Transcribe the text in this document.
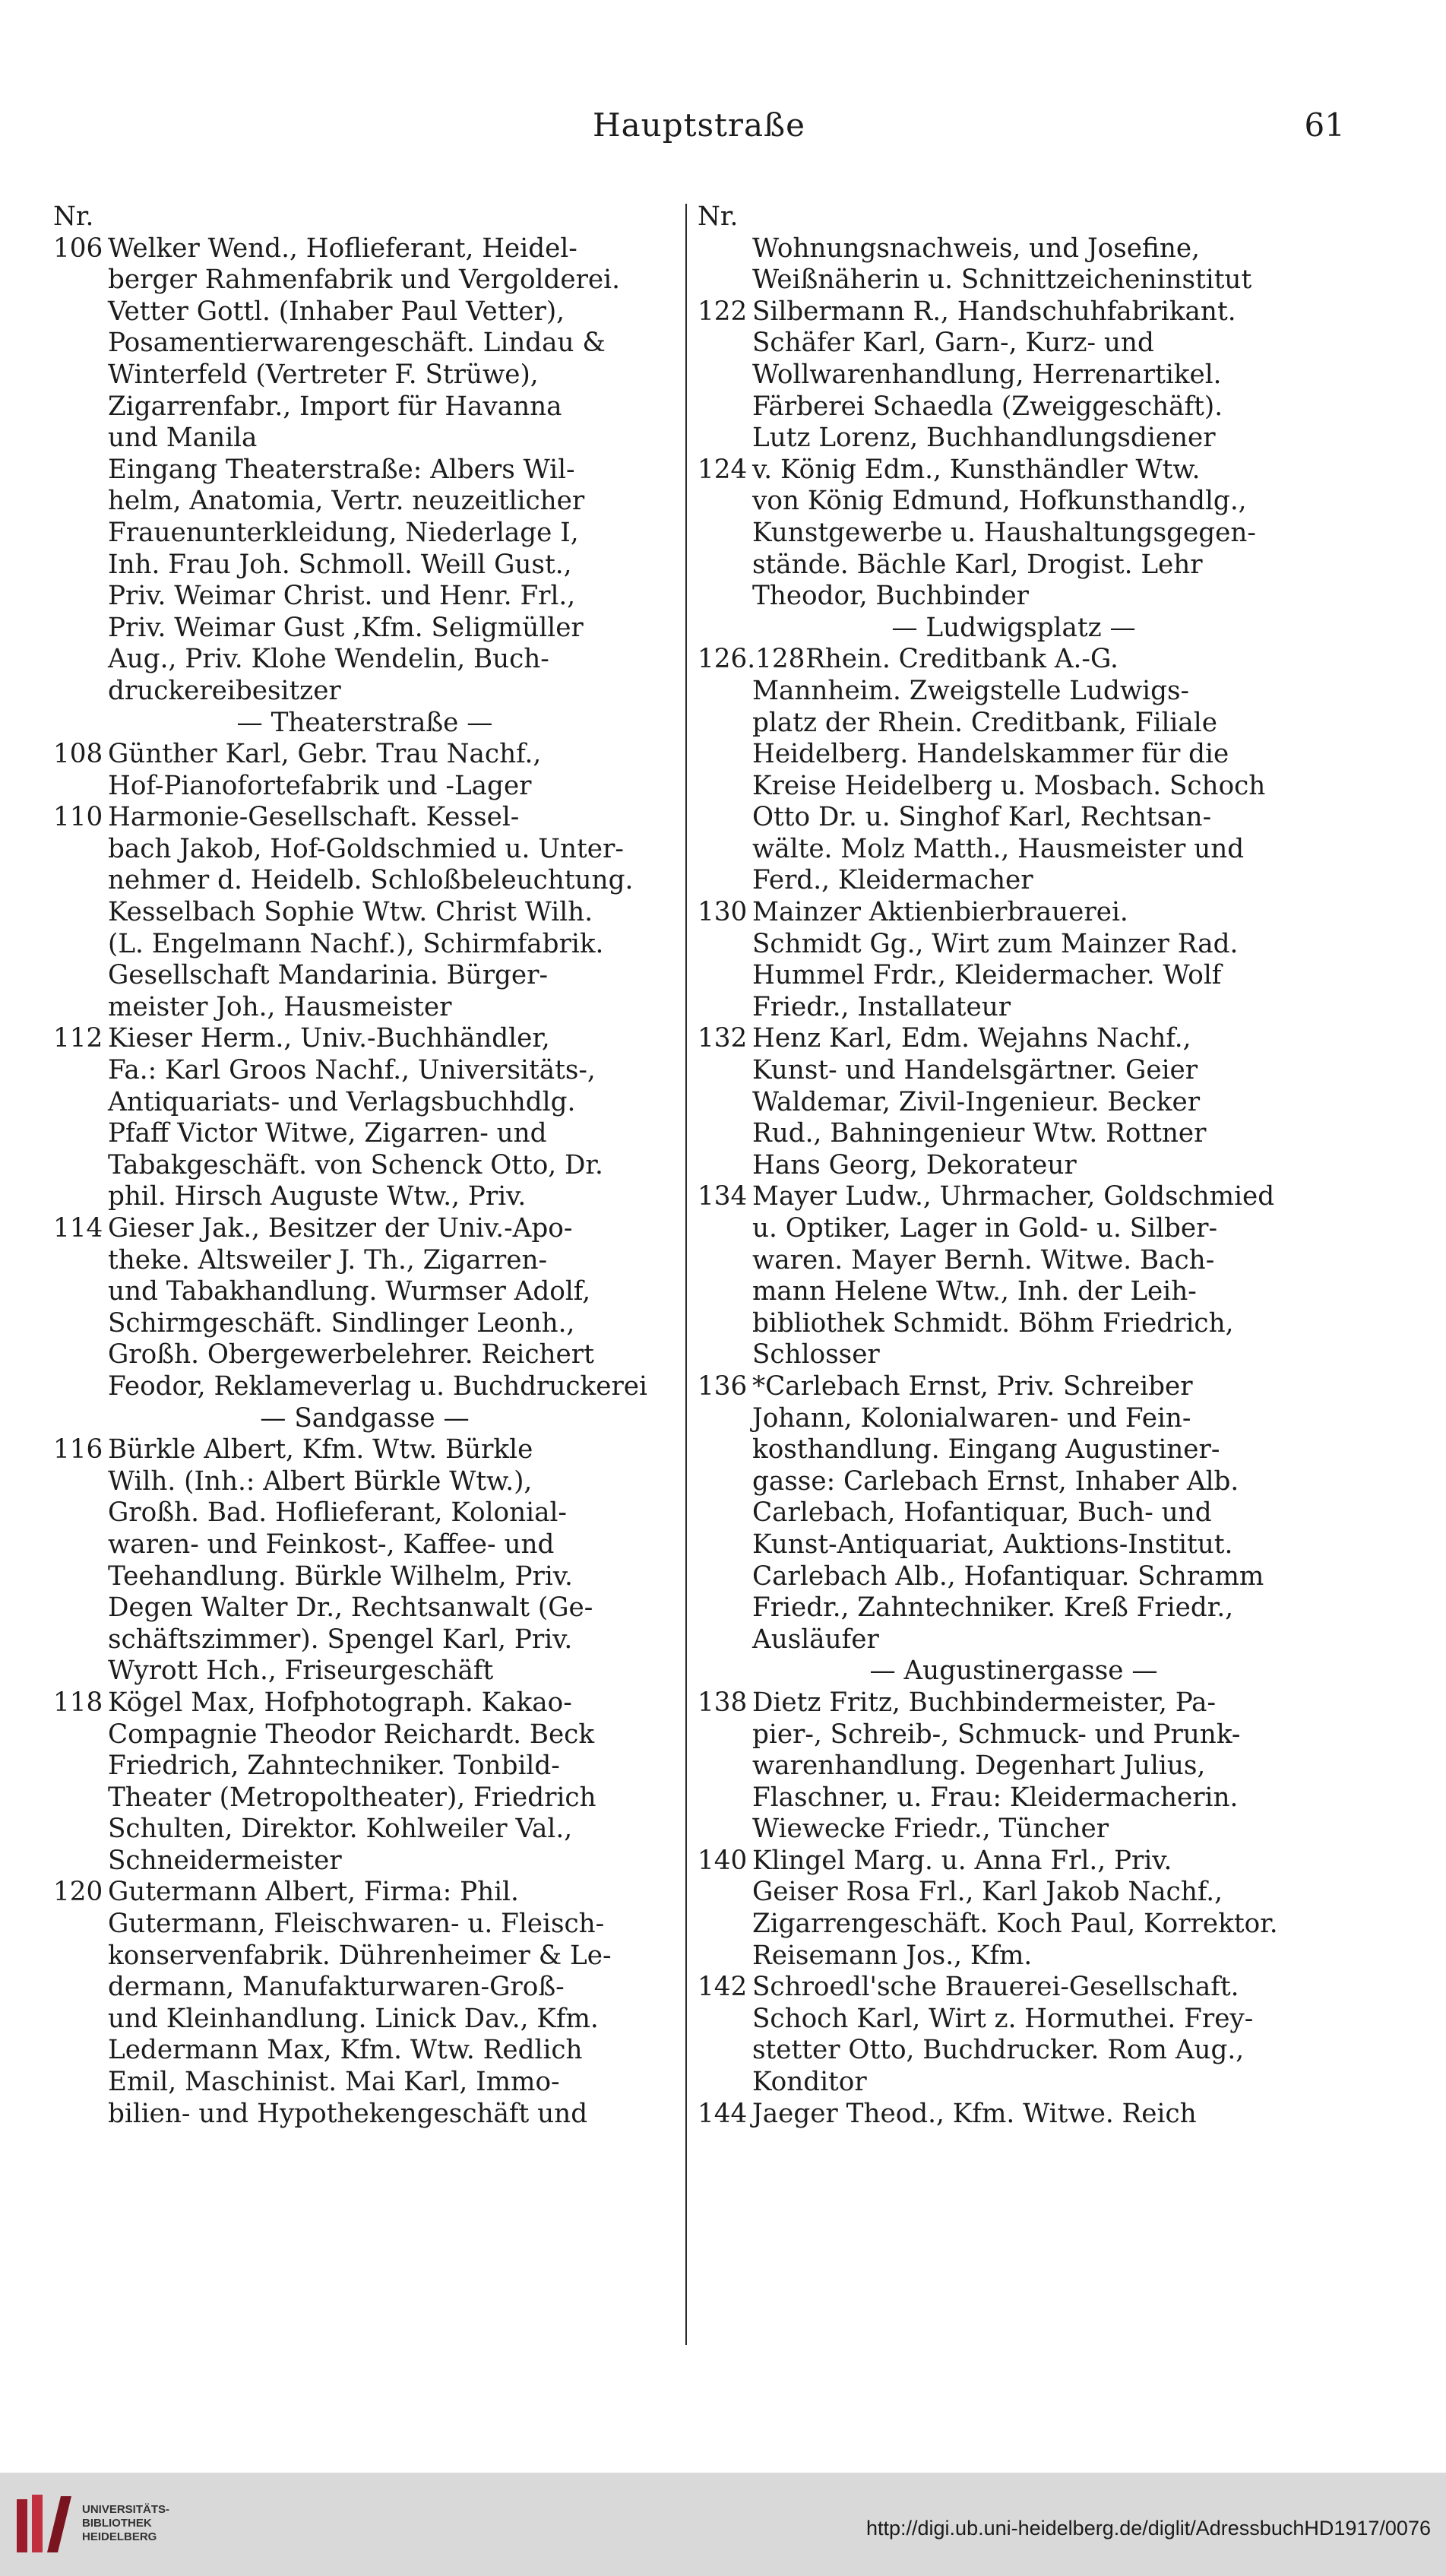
Hauptstraße	61
Nr.
106 Welker Wend., Hoflieferant, Heidel-
berger Rahmenfabrik und Vergolderei.
Vetter Gottl. (Inhaber Paul Vetter),
Posamentierwarengeschäft. Lindau &
Winterfeld (Vertreter F. Strüwe),
Zigarrenfabr., Import für Havanna
und Manila
Eingang Theaterstraße: Albers Wil-
helm, Anatomia, Vertr. neuzeitlicher
Frauenunterkleidung, Niederlage I,
Inh. Frau Joh. Schmoll. Weill Gust.,
Priv. Weimar Christ. und Henr. Frl.,
Priv. Weimar Gust ,Kfm. Seligmüller
Aug., Priv. Klohe Wendelin, Buch-
druckereibesitzer
— Theaterstraße —
108 Günther Karl, Gebr. Trau Nachf.,
Hof-Pianofortefabrik und -Lager
110 Harmonie-Gesellschaft. Kessel-
bach Jakob, Hof-Goldschmied u. Unter-
nehmer d. Heidelb. Schloßbeleuchtung.
Kesselbach Sophie Wtw. Christ Wilh.
(L. Engelmann Nachf.), Schirmfabrik.
Gesellschaft Mandarinia. Bürger-
meister Joh., Hausmeister
112 Kieser Herm., Univ.-Buchhändler,
Fa.: Karl Groos Nachf., Universitäts-,
Antiquariats- und Verlagsbuchhdlg.
Pfaff Victor Witwe, Zigarren- und
Tabakgeschäft. von Schenck Otto, Dr.
phil. Hirsch Auguste Wtw., Priv.
114 Gieser Jak., Besitzer der Univ.-Apo-
theke. Altsweiler J. Th., Zigarren-
und Tabakhandlung. Wurmser Adolf,
Schirmgeschäft. Sindlinger Leonh.,
Großh. Obergewerbelehrer. Reichert
Feodor, Reklameverlag u. Buchdruckerei
— Sandgasse —
116 Bürkle Albert, Kfm. Wtw. Bürkle
Wilh. (Inh.: Albert Bürkle Wtw.),
Großh. Bad. Hoflieferant, Kolonial-
waren- und Feinkost-, Kaffee- und
Teehandlung. Bürkle Wilhelm, Priv.
Degen Walter Dr., Rechtsanwalt (Ge-
schäftszimmer). Spengel Karl, Priv.
Wyrott Hch., Friseurgeschäft
118 Kögel Max, Hofphotograph. Kakao-
Compagnie Theodor Reichardt. Beck
Friedrich, Zahntechniker. Tonbild-
Theater (Metropoltheater), Friedrich
Schulten, Direktor. Kohlweiler Val.,
Schneidermeister
120 Gutermann Albert, Firma: Phil.
Gutermann, Fleischwaren- u. Fleisch-
konservenfabrik. Dührenheimer & Le-
dermann, Manufakturwaren-Groß-
und Kleinhandlung. Linick Dav., Kfm.
Ledermann Max, Kfm. Wtw. Redlich
Emil, Maschinist. Mai Karl, Immo-
bilien- und Hypothekengeschäft und
Nr.
Wohnungsnachweis, und Josefine,
Weißnäherin u. Schnittzeicheninstitut
122 Silbermann R., Handschuhfabrikant.
Schäfer Karl, Garn-, Kurz- und
Wollwarenhandlung, Herrenartikel.
Färberei Schaedla (Zweiggeschäft).
Lutz Lorenz, Buchhandlungsdiener
124 v. König Edm., Kunsthändler Wtw.
von König Edmund, Hofkunsthandlg.,
Kunstgewerbe u. Haushaltungsgegen-
stände. Bächle Karl, Drogist. Lehr
Theodor, Buchbinder
— Ludwigsplatz —
126.128 Rhein. Creditbank A.-G.
Mannheim. Zweigstelle Ludwigs-
platz der Rhein. Creditbank, Filiale
Heidelberg. Handelskammer für die
Kreise Heidelberg u. Mosbach. Schoch
Otto Dr. u. Singhof Karl, Rechtsan-
wälte. Molz Matth., Hausmeister und
Ferd., Kleidermacher
130 Mainzer Aktienbierbrauerei.
Schmidt Gg., Wirt zum Mainzer Rad.
Hummel Frdr., Kleidermacher. Wolf
Friedr., Installateur
132 Henz Karl, Edm. Wejahns Nachf.,
Kunst- und Handelsgärtner. Geier
Waldemar, Zivil-Ingenieur. Becker
Rud., Bahningenieur Wtw. Rottner
Hans Georg, Dekorateur
134 Mayer Ludw., Uhrmacher, Goldschmied
u. Optiker, Lager in Gold- u. Silber-
waren. Mayer Bernh. Witwe. Bach-
mann Helene Wtw., Inh. der Leih-
bibliothek Schmidt. Böhm Friedrich,
Schlosser
136 *Carlebach Ernst, Priv. Schreiber
Johann, Kolonialwaren- und Fein-
kosthandlung. Eingang Augustiner-
gasse: Carlebach Ernst, Inhaber Alb.
Carlebach, Hofantiquar, Buch- und
Kunst-Antiquariat, Auktions-Institut.
Carlebach Alb., Hofantiquar. Schramm
Friedr., Zahntechniker. Kreß Friedr.,
Ausläufer
— Augustinergasse —
138 Dietz Fritz, Buchbindermeister, Pa-
pier-, Schreib-, Schmuck- und Prunk-
warenhandlung. Degenhart Julius,
Flaschner, u. Frau: Kleidermacherin.
Wiewecke Friedr., Tüncher
140 Klingel Marg. u. Anna Frl., Priv.
Geiser Rosa Frl., Karl Jakob Nachf.,
Zigarrengeschäft. Koch Paul, Korrektor.
Reisemann Jos., Kfm.
142 Schroedl'sche Brauerei-Gesellschaft.
Schoch Karl, Wirt z. Hormuthei. Frey-
stetter Otto, Buchdrucker. Rom Aug.,
Konditor
144 Jaeger Theod., Kfm. Witwe. Reich
UNIVERSITÄTS-
BIBLIOTHEK
HEIDELBERG	http://digi.ub.uni-heidelberg.de/diglit/AdressbuchHD1917/0076
